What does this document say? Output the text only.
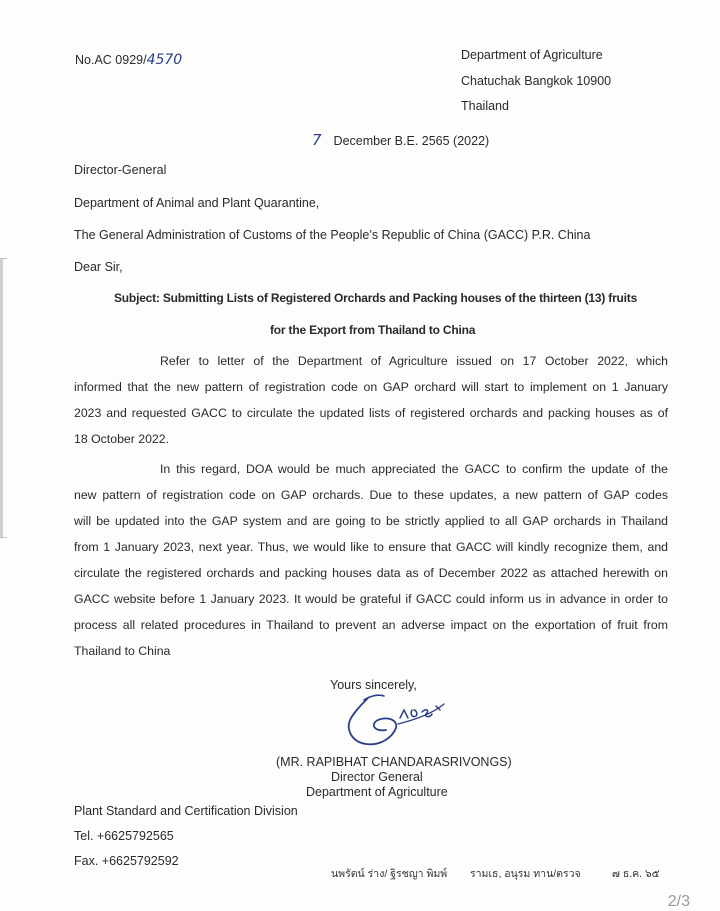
No.AC 0929/4570	Department of Agriculture
Chatuchak Bangkok 10900
Thailand
7 December B.E. 2565 (2022)
Director-General
Department of Animal and Plant Quarantine,
The General Administration of Customs of the People’s Republic of China (GACC) P.R. China
Dear Sir,
Subject: Submitting Lists of Registered Orchards and Packing houses of the thirteen (13) fruits
for the Export from Thailand to China
Refer to letter of the Department of Agriculture issued on 17 October 2022, which
informed that the new pattern of registration code on GAP orchard will start to implement on 1 January
2023 and requested GACC to circulate the updated lists of registered orchards and packing houses as of
18 October 2022.
In this regard, DOA would be much appreciated the GACC to confirm the update of the
new pattern of registration code on GAP orchards. Due to these updates, a new pattern of GAP codes
will be updated into the GAP system and are going to be strictly applied to all GAP orchards in Thailand
from 1 January 2023, next year. Thus, we would like to ensure that GACC will kindly recognize them, and
circulate the registered orchards and packing houses data as of December 2022 as attached herewith on
GACC website before 1 January 2023. It would be grateful if GACC could inform us in advance in order to
process all related procedures in Thailand to prevent an adverse impact on the exportation of fruit from
Thailand to China
Yours sincerely,
(MR. RAPIBHAT CHANDARASRIVONGS)
Director General
Department of Agriculture
Plant Standard and Certification Division
Tel. +6625792565
Fax. +6625792592
นพรัตน์ ร่าง/ ฐิรชญา พิมพ์ รามเธ, อนุรม ทาน/ตรวจ	๗ ธ.ค. ๖๕
2/3
